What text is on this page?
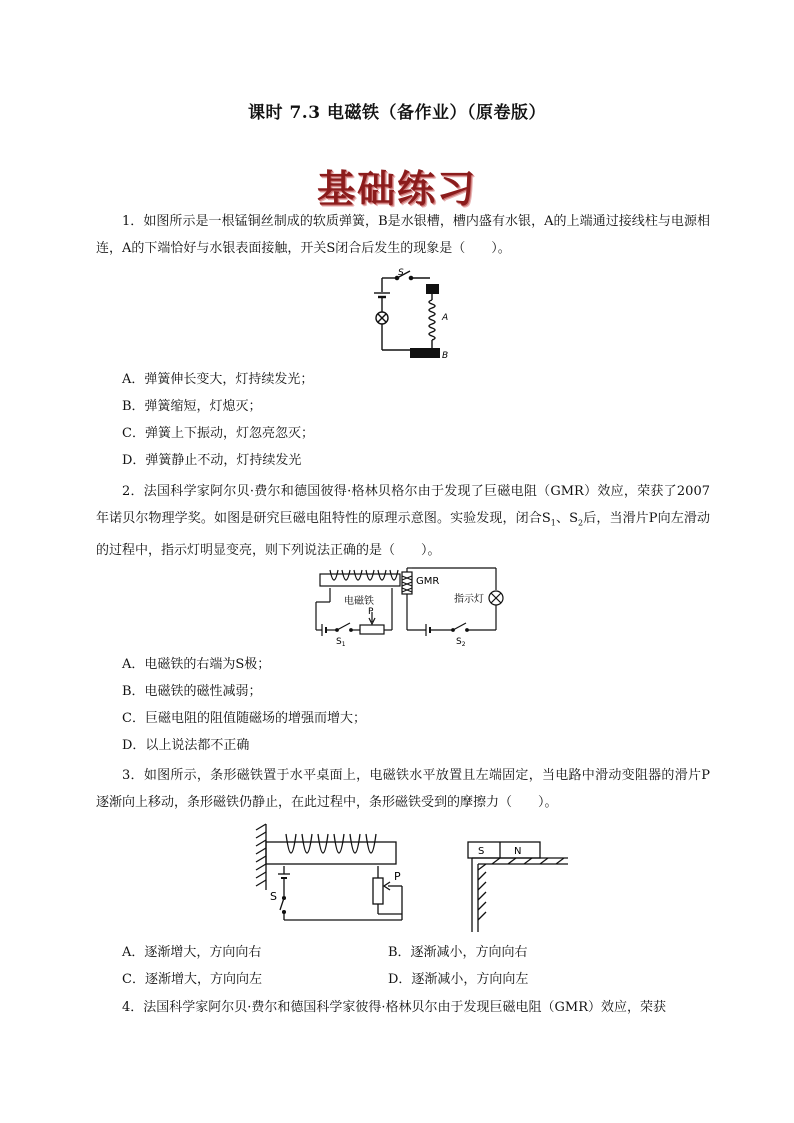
课时 7.3 电磁铁（备作业）（原卷版）
基础练习
1．如图所示是一根锰铜丝制成的软质弹簧，B是水银槽，槽内盛有水银，A的上端通过接线柱与电源相连，A的下端恰好与水银表面接触，开关S闭合后发生的现象是（　　）。
S
A
B
A．弹簧伸长变大，灯持续发光；
B．弹簧缩短，灯熄灭；
C．弹簧上下振动，灯忽亮忽灭；
D．弹簧静止不动，灯持续发光
2．法国科学家阿尔贝·费尔和德国彼得·格林贝格尔由于发现了巨磁电阻（GMR）效应，荣获了2007年诺贝尔物理学奖。如图是研究巨磁电阻特性的原理示意图。实验发现，闭合$S_1$、$S_2$后，当滑片P向左滑动的过程中，指示灯明显变亮，则下列说法正确的是（　　）。
电磁铁
GMR
指示灯
P
$S_1$	$S_2$
A．电磁铁的右端为S极；
B．电磁铁的磁性减弱；
C．巨磁电阻的阻值随磁场的增强而增大；
D．以上说法都不正确
3．如图所示，条形磁铁置于水平桌面上，电磁铁水平放置且左端固定，当电路中滑动变阻器的滑片P逐渐向上移动，条形磁铁仍静止，在此过程中，条形磁铁受到的摩擦力（　　）。
S
P
S	N
A．逐渐增大，方向向右	B．逐渐减小，方向向右
C．逐渐增大，方向向左	D．逐渐减小，方向向左
4．法国科学家阿尔贝·费尔和德国科学家彼得·格林贝尔由于发现巨磁电阻（GMR）效应，荣获
